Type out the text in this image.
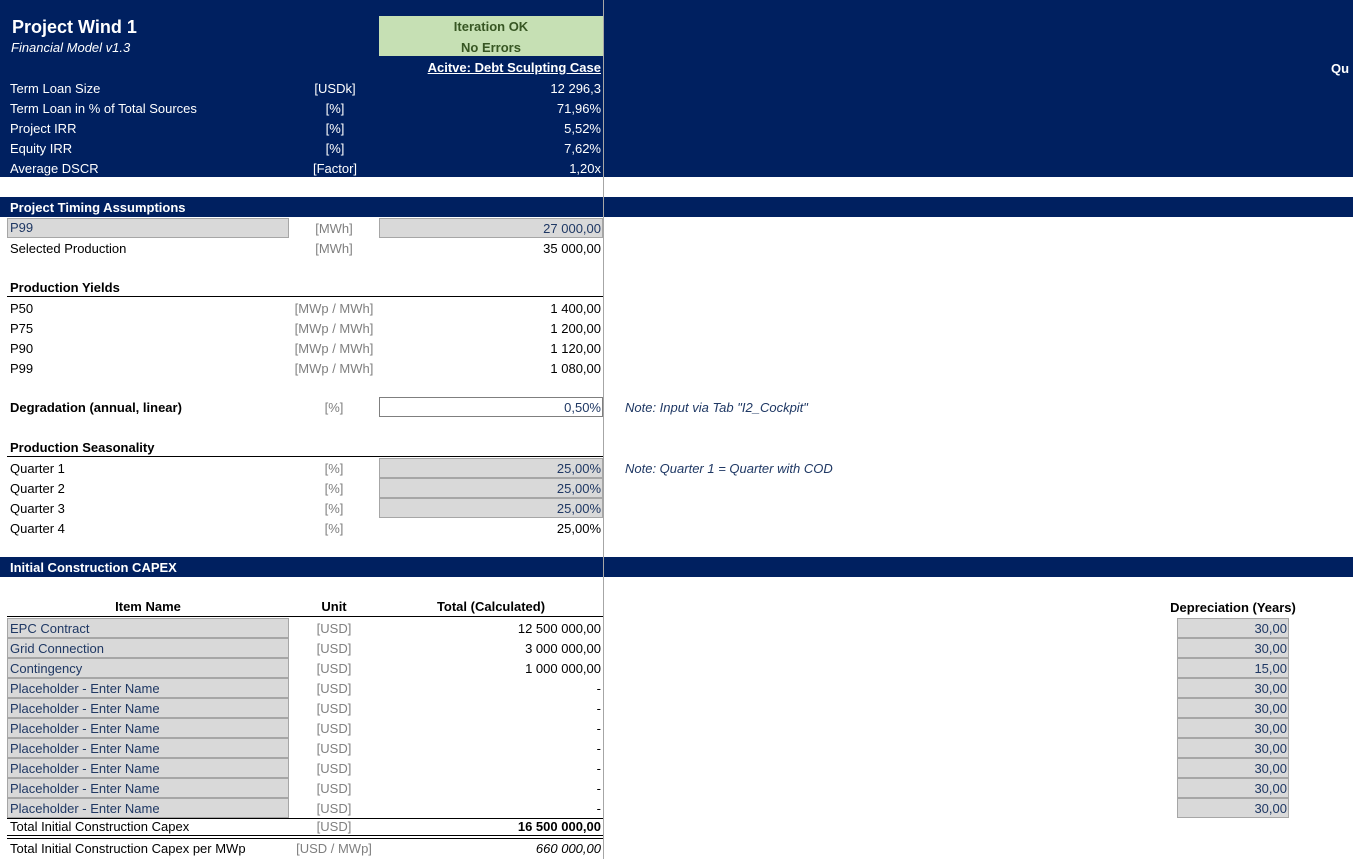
Project Wind 1
Financial Model v1.3
Iteration OK
No Errors
Acitve: Debt Sculpting Case	Qu
Term Loan Size	[USDk]	12 296,3
Term Loan in % of Total Sources	[%]	71,96%
Project IRR	[%]	5,52%
Equity IRR	[%]	7,62%
Average DSCR	[Factor]	1,20x
Project Timing Assumptions
P99	[MWh]	27 000,00
Selected Production	[MWh]	35 000,00
Production Yields
P50	[MWp / MWh]	1 400,00
P75	[MWp / MWh]	1 200,00
P90	[MWp / MWh]	1 120,00
P99	[MWp / MWh]	1 080,00
Degradation (annual, linear)	[%]	0,50% Note: Input via Tab "I2_Cockpit"
Production Seasonality
Quarter 1	[%]	25,00%
Quarter 2	[%]	25,00%
Quarter 3	[%]	25,00%
Quarter 4	[%]	25,00%
Note: Quarter 1 = Quarter with COD
Initial Construction CAPEX
Item Name	Unit	Total (Calculated)	Depreciation (Years)
EPC Contract	[USD]	12 500 000,00	30,00
Grid Connection	[USD]	3 000 000,00	30,00
Contingency	[USD]	1 000 000,00	15,00
Placeholder - Enter Name	[USD]	-	30,00
Placeholder - Enter Name	[USD]	-	30,00
Placeholder - Enter Name	[USD]	-	30,00
Placeholder - Enter Name	[USD]	-	30,00
Placeholder - Enter Name	[USD]	-	30,00
Placeholder - Enter Name	[USD]	-	30,00
Placeholder - Enter Name	[USD]	-	30,00
Total Initial Construction Capex	[USD]	16 500 000,00
Total Initial Construction Capex per MWp	[USD / MWp]	660 000,00
